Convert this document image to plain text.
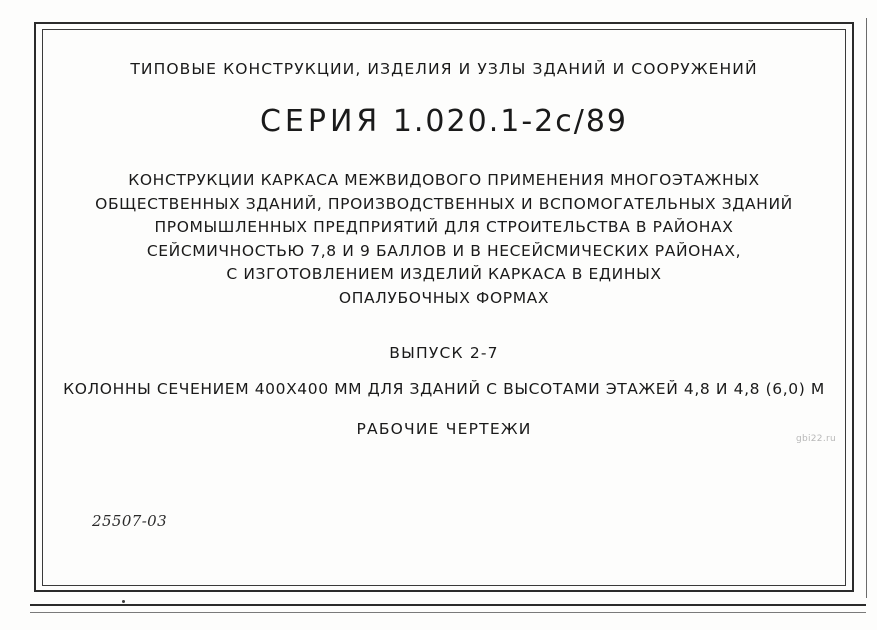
ТИПОВЫЕ КОНСТРУКЦИИ, ИЗДЕЛИЯ И УЗЛЫ ЗДАНИЙ И СООРУЖЕНИЙ
СЕРИЯ 1.020.1-2с/89
КОНСТРУКЦИИ КАРКАСА МЕЖВИДОВОГО ПРИМЕНЕНИЯ МНОГОЭТАЖНЫХ
ОБЩЕСТВЕННЫХ ЗДАНИЙ, ПРОИЗВОДСТВЕННЫХ И ВСПОМОГАТЕЛЬНЫХ ЗДАНИЙ
ПРОМЫШЛЕННЫХ ПРЕДПРИЯТИЙ ДЛЯ СТРОИТЕЛЬСТВА В РАЙОНАХ
СЕЙСМИЧНОСТЬЮ 7,8 И 9 БАЛЛОВ И В НЕСЕЙСМИЧЕСКИХ РАЙОНАХ,
С ИЗГОТОВЛЕНИЕМ ИЗДЕЛИЙ КАРКАСА В ЕДИНЫХ
ОПАЛУБОЧНЫХ ФОРМАХ
ВЫПУСК 2-7
КОЛОННЫ СЕЧЕНИЕМ 400Х400 ММ ДЛЯ ЗДАНИЙ С ВЫСОТАМИ ЭТАЖЕЙ 4,8 И 4,8 (6,0) М
РАБОЧИЕ ЧЕРТЕЖИ
25507-03
gbi22.ru
